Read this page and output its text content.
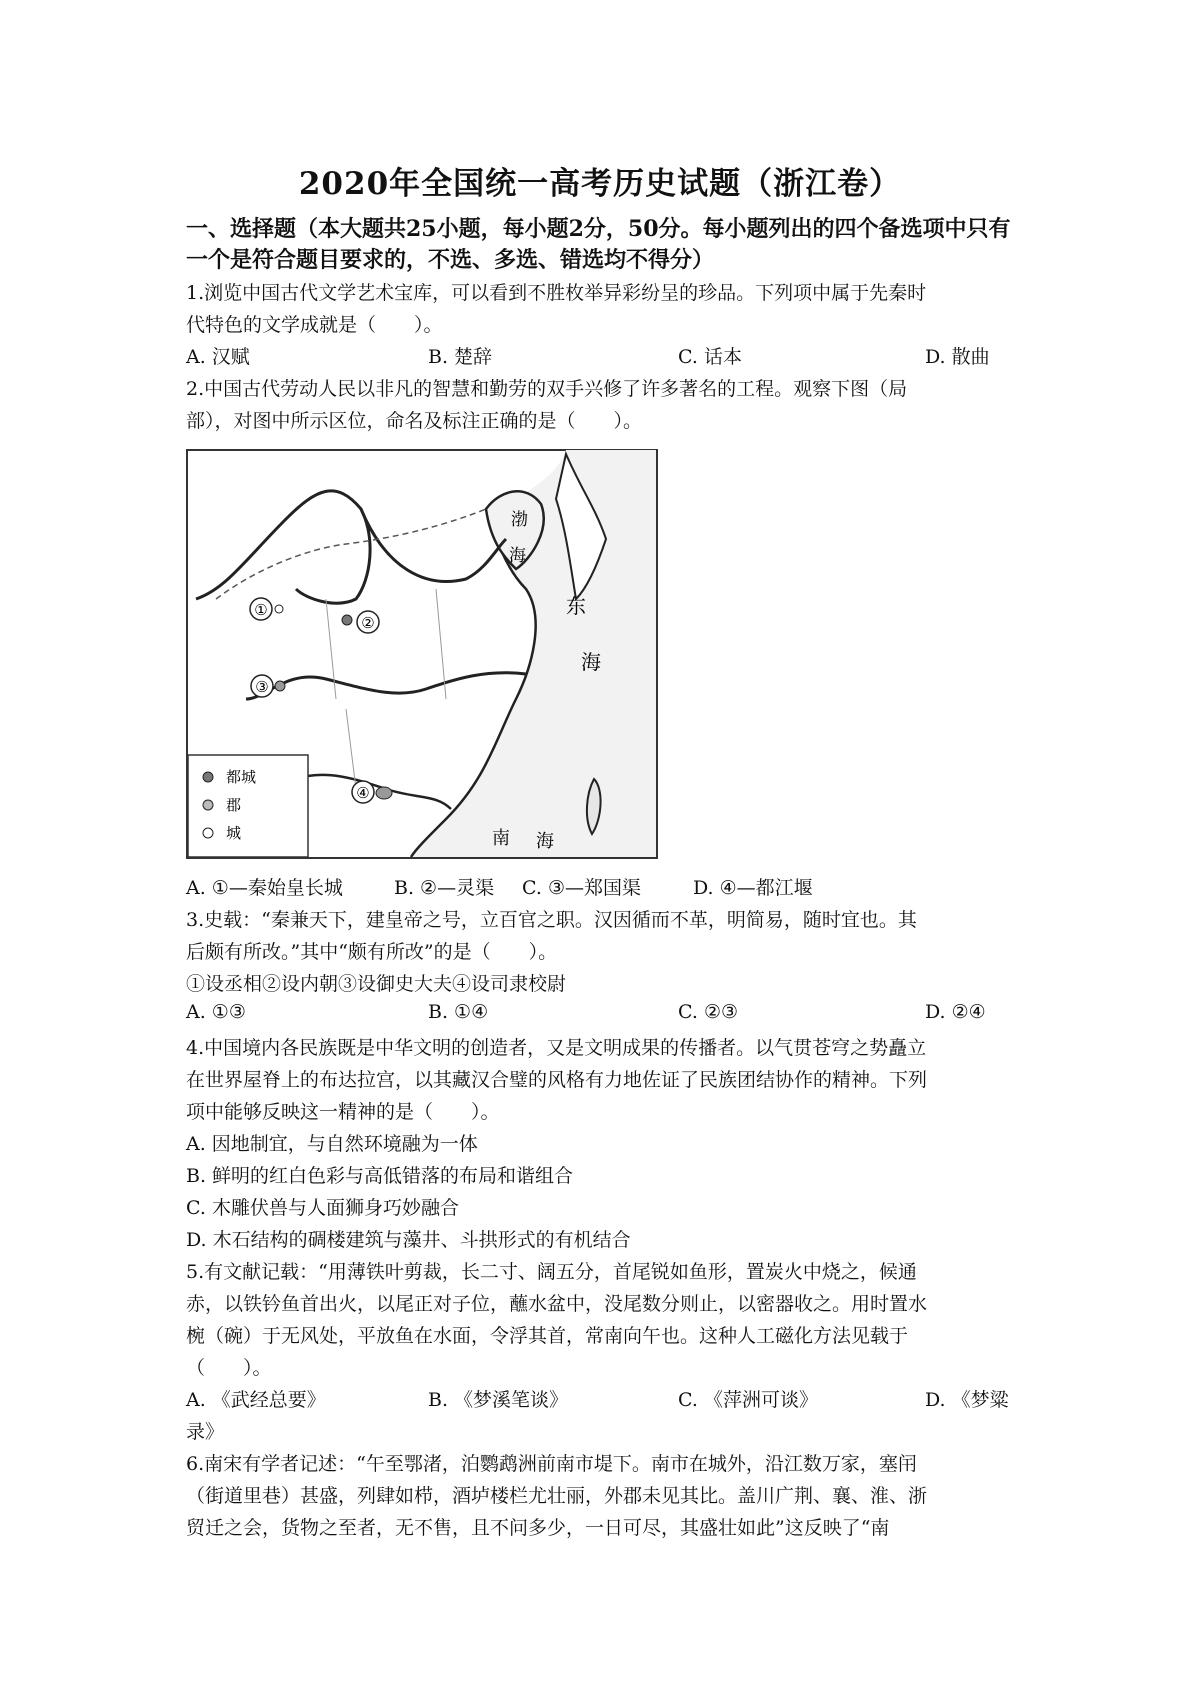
2020年全国统一高考历史试题（浙江卷）
一、选择题（本大题共25小题，每小题2分，50分。每小题列出的四个备选项中只有一个是符合题目要求的，不选、多选、错选均不得分）
1.浏览中国古代文学艺术宝库，可以看到不胜枚举异彩纷呈的珍品。下列项中属于先秦时
代特色的文学成就是（　　）。
A. 汉赋	B. 楚辞	C. 话本	D. 散曲
2.中国古代劳动人民以非凡的智慧和勤劳的双手兴修了许多著名的工程。观察下图（局
部），对图中所示区位，命名及标注正确的是（　　）。
①
②
③
④
渤
海
东
海
南 海
都城
郡
城
A. ①—秦始皇长城	B. ②—灵渠 C. ③—郑国渠	D. ④—都江堰
3.史载：“秦兼天下，建皇帝之号，立百官之职。汉因循而不革，明简易，随时宜也。其
后颇有所改。”其中“颇有所改”的是（　　）。
①设丞相②设内朝③设御史大夫④设司隶校尉
A. ①③	B. ①④	C. ②③	D. ②④
4.中国境内各民族既是中华文明的创造者，又是文明成果的传播者。以气贯苍穹之势矗立
在世界屋脊上的布达拉宫，以其藏汉合璧的风格有力地佐证了民族团结协作的精神。下列
项中能够反映这一精神的是（　　）。
A. 因地制宜，与自然环境融为一体
B. 鲜明的红白色彩与高低错落的布局和谐组合
C. 木雕伏兽与人面狮身巧妙融合
D. 木石结构的碉楼建筑与藻井、斗拱形式的有机结合
5.有文献记载：“用薄铁叶剪裁，长二寸、阔五分，首尾锐如鱼形，置炭火中烧之，候通
赤，以铁钤鱼首出火，以尾正对子位，蘸水盆中，没尾数分则止，以密器收之。用时置水
椀（碗）于无风处，平放鱼在水面，令浮其首，常南向午也。这种人工磁化方法见载于
（　　）。
A. 《武经总要》	B. 《梦溪笔谈》	C. 《萍洲可谈》	D. 《梦粱
录》
6.南宋有学者记述：“午至鄂渚，泊鹦鹉洲前南市堤下。南市在城外，沿江数万家，塞闬
（街道里巷）甚盛，列肆如栉，酒垆楼栏尤壮丽，外郡未见其比。盖川广荆、襄、淮、浙
贸迁之会，货物之至者，无不售，且不问多少，一日可尽，其盛壮如此”这反映了“南
